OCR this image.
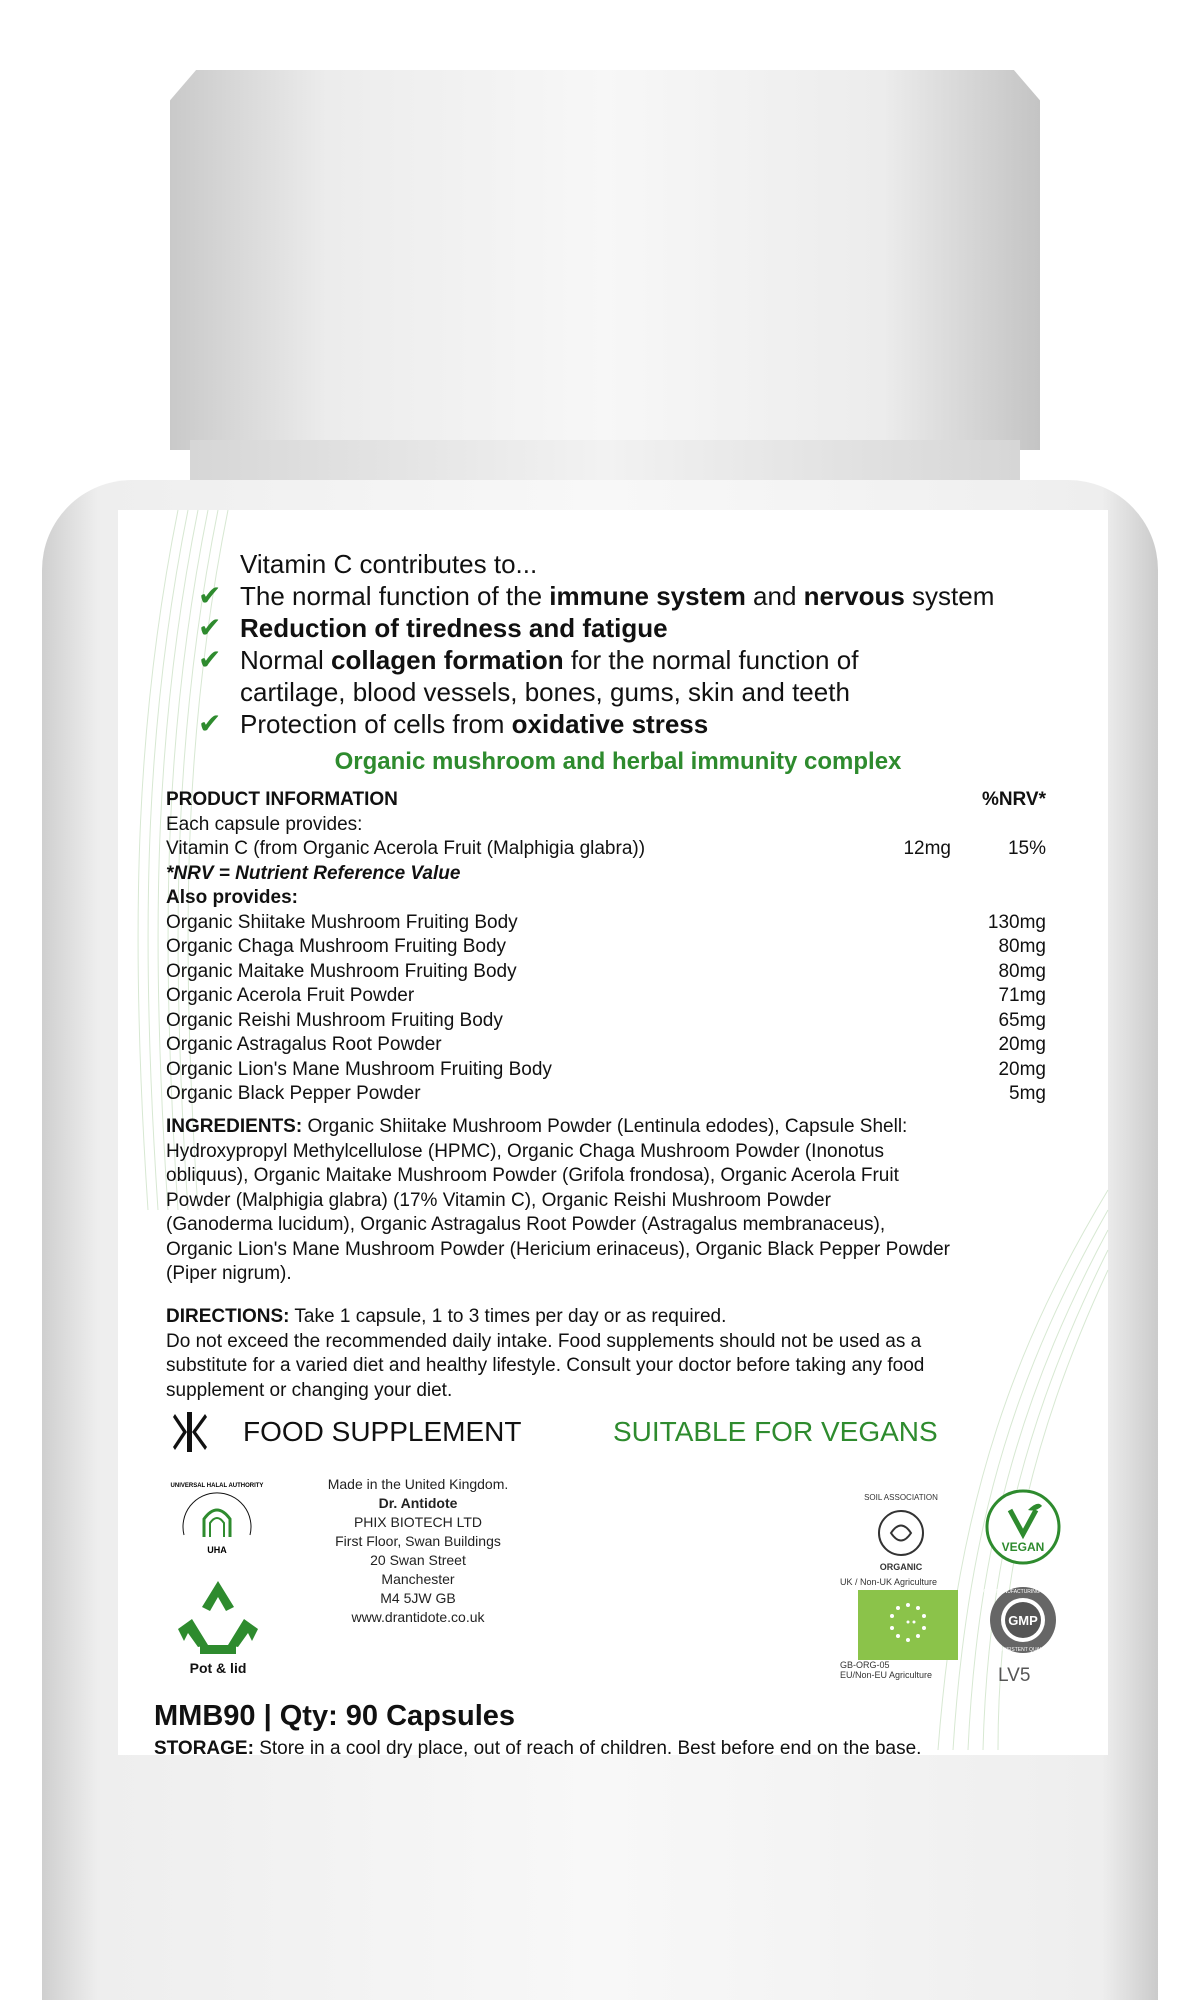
Vitamin C contributes to...
✔ The normal function of the immune system and nervous system
✔ Reduction of tiredness and fatigue
✔ Normal collagen formation for the normal function of
cartilage, blood vessels, bones, gums, skin and teeth
✔ Protection of cells from oxidative stress
Organic mushroom and herbal immunity complex
PRODUCT INFORMATION	%NRV*
Each capsule provides:
Vitamin C (from Organic Acerola Fruit (Malphigia glabra))	12mg	15%
*NRV = Nutrient Reference Value
Also provides:
Organic Shiitake Mushroom Fruiting Body	130mg
Organic Chaga Mushroom Fruiting Body	80mg
Organic Maitake Mushroom Fruiting Body	80mg
Organic Acerola Fruit Powder	71mg
Organic Reishi Mushroom Fruiting Body	65mg
Organic Astragalus Root Powder	20mg
Organic Lion's Mane Mushroom Fruiting Body	20mg
Organic Black Pepper Powder	5mg
INGREDIENTS: Organic Shiitake Mushroom Powder (Lentinula edodes), Capsule Shell:
Hydroxypropyl Methylcellulose (HPMC), Organic Chaga Mushroom Powder (Inonotus
obliquus), Organic Maitake Mushroom Powder (Grifola frondosa), Organic Acerola Fruit
Powder (Malphigia glabra) (17% Vitamin C), Organic Reishi Mushroom Powder
(Ganoderma lucidum), Organic Astragalus Root Powder (Astragalus membranaceus),
Organic Lion's Mane Mushroom Powder (Hericium erinaceus), Organic Black Pepper Powder
(Piper nigrum).
DIRECTIONS: Take 1 capsule, 1 to 3 times per day or as required.
Do not exceed the recommended daily intake. Food supplements should not be used as a
substitute for a varied diet and healthy lifestyle. Consult your doctor before taking any food
supplement or changing your diet.
FOOD SUPPLEMENT	SUITABLE FOR VEGANS
UHA
UNIVERSAL HALAL AUTHORITY
Pot & lid
Made in the United Kingdom.
Dr. Antidote
PHIX BIOTECH LTD
First Floor, Swan Buildings
20 Swan Street
Manchester
M4 5JW GB
www.drantidote.co.uk
SOIL ASSOCIATION
ORGANIC
UK / Non-UK Agriculture
GB-ORG-05
EU/Non-EU Agriculture
VEGAN
GMP
GOOD MANUFACTURING PRACTICE
CONSISTENT QUALITY
LV5
MMB90 | Qty: 90 Capsules
STORAGE: Store in a cool dry place, out of reach of children. Best before end on the base.
